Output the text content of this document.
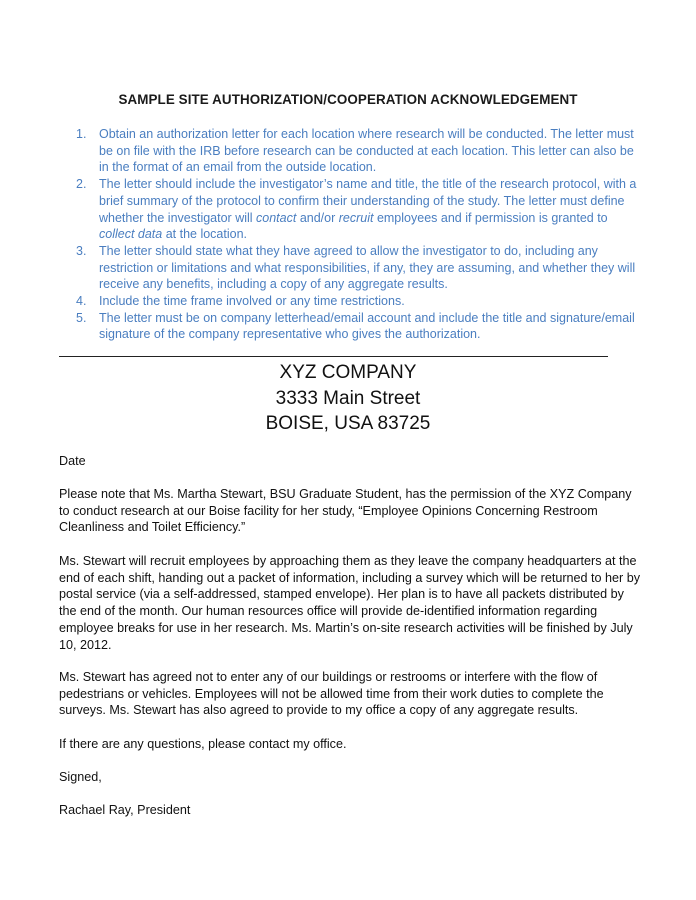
SAMPLE SITE AUTHORIZATION/COOPERATION ACKNOWLEDGEMENT
1. Obtain an authorization letter for each location where research will be conducted. The letter must be on file with the IRB before research can be conducted at each location. This letter can also be in the format of an email from the outside location.
2. The letter should include the investigator’s name and title, the title of the research protocol, with a brief summary of the protocol to confirm their understanding of the study. The letter must define whether the investigator will contact and/or recruit employees and if permission is granted to collect data at the location.
3. The letter should state what they have agreed to allow the investigator to do, including any restriction or limitations and what responsibilities, if any, they are assuming, and whether they will receive any benefits, including a copy of any aggregate results.
4. Include the time frame involved or any time restrictions.
5. The letter must be on company letterhead/email account and include the title and signature/email signature of the company representative who gives the authorization.
XYZ COMPANY
3333 Main Street
BOISE, USA 83725
Date

Please note that Ms. Martha Stewart, BSU Graduate Student, has the permission of the XYZ Company to conduct research at our Boise facility for her study, “Employee Opinions Concerning Restroom Cleanliness and Toilet Efficiency.”

Ms. Stewart will recruit employees by approaching them as they leave the company headquarters at the end of each shift, handing out a packet of information, including a survey which will be returned to her by postal service (via a self-addressed, stamped envelope). Her plan is to have all packets distributed by the end of the month. Our human resources office will provide de-identified information regarding employee breaks for use in her research. Ms. Martin’s on-site research activities will be finished by July 10, 2012.

Ms. Stewart has agreed not to enter any of our buildings or restrooms or interfere with the flow of pedestrians or vehicles. Employees will not be allowed time from their work duties to complete the surveys. Ms. Stewart has also agreed to provide to my office a copy of any aggregate results.

If there are any questions, please contact my office.
Signed,
Rachael Ray, President
